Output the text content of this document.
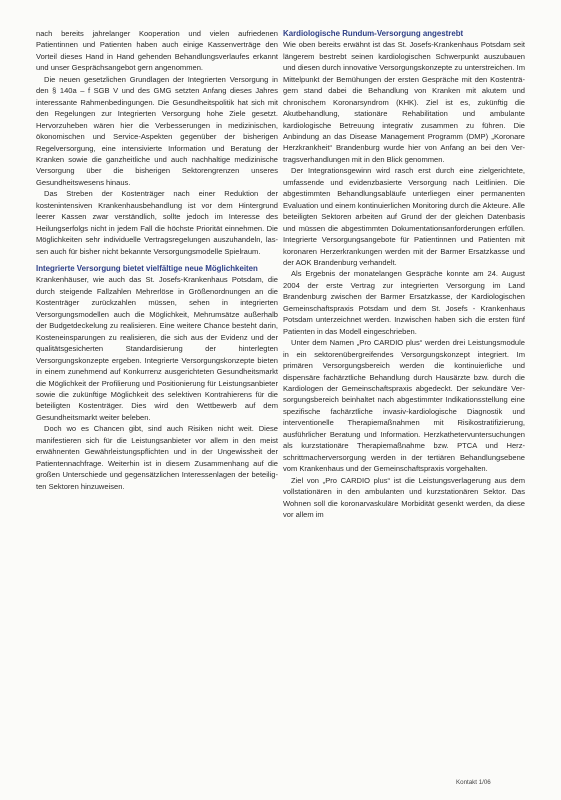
nach bereits jahrelanger Kooperation und vielen aufriedenen Patientinnen und Patienten haben auch einige Kassenverträge den Vorteil dieses Hand in Hand gehenden Behandlungsverlaufes erkannt und unser Gesprächsangebot gern angenommen.

Die neuen gesetzlichen Grundlagen der Integrierten Versorgung in den § 140a – f SGB V und des GMG setzten Anfang dieses Jahres interessante Rahmenbedingungen. Die Gesundheitspolitik hat sich mit den Regelungen zur Integrierten Versorgung hohe Ziele gesetzt. Hervorzuheben wären hier die Verbesserungen in medizinischen, ökonomischen und Service-Aspekten gegenüber der bisherigen Regelversorgung, eine intensivierte Information und Beratung der Kranken sowie die ganzheitliche und auch nachhaltige medizinische Versorgung über die bisherigen Sektorengrenzen unseres Gesundheitswesens hinaus.

Das Streben der Kostenträger nach einer Reduktion der kostenintensiven Krankenhausbehandlung ist vor dem Hintergrund leerer Kassen zwar verständlich, sollte jedoch im Interesse des Heilungserfolgs nicht in jedem Fall die höchste Priorität einnehmen. Die Möglichkeiten sehr individuelle Vertragsregelungen auszuhandeln, lassen auch für bisher nicht bekannte Versorgungsmodelle Spielraum.

Integrierte Versorgung bietet vielfältige neue Möglichkeiten

Krankenhäuser, wie auch das St. Josefs-Krankenhaus Potsdam, die durch steigende Fallzahlen Mehrerlöse in Größenordnungen an die Kostenträger zurückzahlen müssen, sehen in integrierten Versorgungsmodellen auch die Möglichkeit, Mehrumsätze außerhalb der Budgetdeckelung zu realisieren. Eine weitere Chance besteht darin, Kosteneinsparungen zu realisieren, die sich aus der Evidenz und der qualitätsgesicherten Standardisierung der hinterlegten Versorgungskonzepte ergeben. Integrierte Versorgungskonzepte bieten in einem zunehmend auf Konkurrenz ausgerichteten Gesundheitsmarkt die Möglichkeit der Profilierung und Positionierung für Leistungsanbieter sowie die zukünftige Möglichkeit des selektiven Kontrahierens für die beteiligten Kostenträger. Dies wird den Wettbewerb auf dem Gesundheitsmarkt weiter beleben.

Doch wo es Chancen gibt, sind auch Risiken nicht weit. Diese manifestieren sich für die Leistungsanbieter vor allem in den meist erwähnenten Gewährleistungspflichten und in der Ungewissheit der Patientennachfrage. Weiterhin ist in diesem Zusammenhang auf die großen Unterschiede und gegensätzlichen Interessenlagen der beteiligten Sektoren hinzuweisen.

Kardiologische Rundum-Versorgung angestrebt

Wie oben bereits erwähnt ist das St. Josefs-Krankenhaus Potsdam seit längerem bestrebt seinen kardiologischen Schwerpunkt auszubauen und diesen durch innovative Versorgungskonzepte zu unterstreichen. Im Mittelpunkt der Bemühungen der ersten Gespräche mit den Kostenträgern stand dabei die Behandlung von Kranken mit akutem und chronischem Koronarsyndrom (KHK). Ziel ist es, zukünftig die Akutbehandlung, stationäre Rehabilitation und ambulante kardiologische Betreuung integrativ zusammen zu führen. Die Anbindung an das Disease Management Programm (DMP) „Koronare Herzkrankheit“ Brandenburg wurde hier von Anfang an bei den Vertragsverhandlungen mit in den Blick genommen.

Der Integrationsgewinn wird rasch erst durch eine zielgerichtete, umfassende und evidenzbasierte Versorgung nach Leitlinien. Die abgestimmten Behandlungsabläufe unterliegen einer permanenten Evaluation und einem kontinuierlichen Monitoring durch die Akteure. Alle beteiligten Sektoren arbeiten auf Grund der der gleichen Datenbasis und müssen die abgestimmten Dokumentationsanforderungen erfüllen. Integrierte Versorgungsangebote für Patientinnen und Patienten mit koronaren Herzerkrankungen werden mit der Barmer Ersatzkasse und der AOK Brandenburg verhandelt.

Als Ergebnis der monatelangen Gespräche konnte am 24. August 2004 der erste Vertrag zur integrierten Versorgung im Land Brandenburg zwischen der Barmer Ersatzkasse, der Kardiologischen Gemeinschaftspraxis Potsdam und dem St. Josefs - Krankenhaus Potsdam unterzeichnet werden. Inzwischen haben sich die ersten fünf Patienten in das Modell eingeschrieben.

Unter dem Namen „Pro CARDIO plus“ werden drei Leistungsmodule in ein sektorenübergreifendes Versorgungskonzept integriert. Im primären Versorgungsbereich werden die kontinuierliche und dispensäre fachärztliche Behandlung durch Hausärzte bzw. durch die Kardiologen der Gemeinschaftspraxis abgedeckt. Der sekundäre Versorgungsbereich beinhaltet nach abgestimmter Indikationsstellung eine spezifische fachärztliche invasiv-kardiologische Diagnostik und interventionelle Therapiemaßnahmen mit Risikostratifizierung, ausführlicher Beratung und Information. Herzkathetervuntersuchungen als kurzstationäre Therapiemaßnahme bzw. PTCA und Herzschrittmacherversorgung werden in der tertiären Behandlungsebene vom Krankenhaus und der Gemeinschaftspraxis vorgehalten.

Ziel von „Pro CARDIO plus“ ist die Leistungsverlagerung aus dem vollstationären in den ambulanten und kurzstationären Sektor. Das Wohnen soll die koronarvaskuläre Morbidität gesenkt werden, da diese vor allem im

Kontakt 1/06
